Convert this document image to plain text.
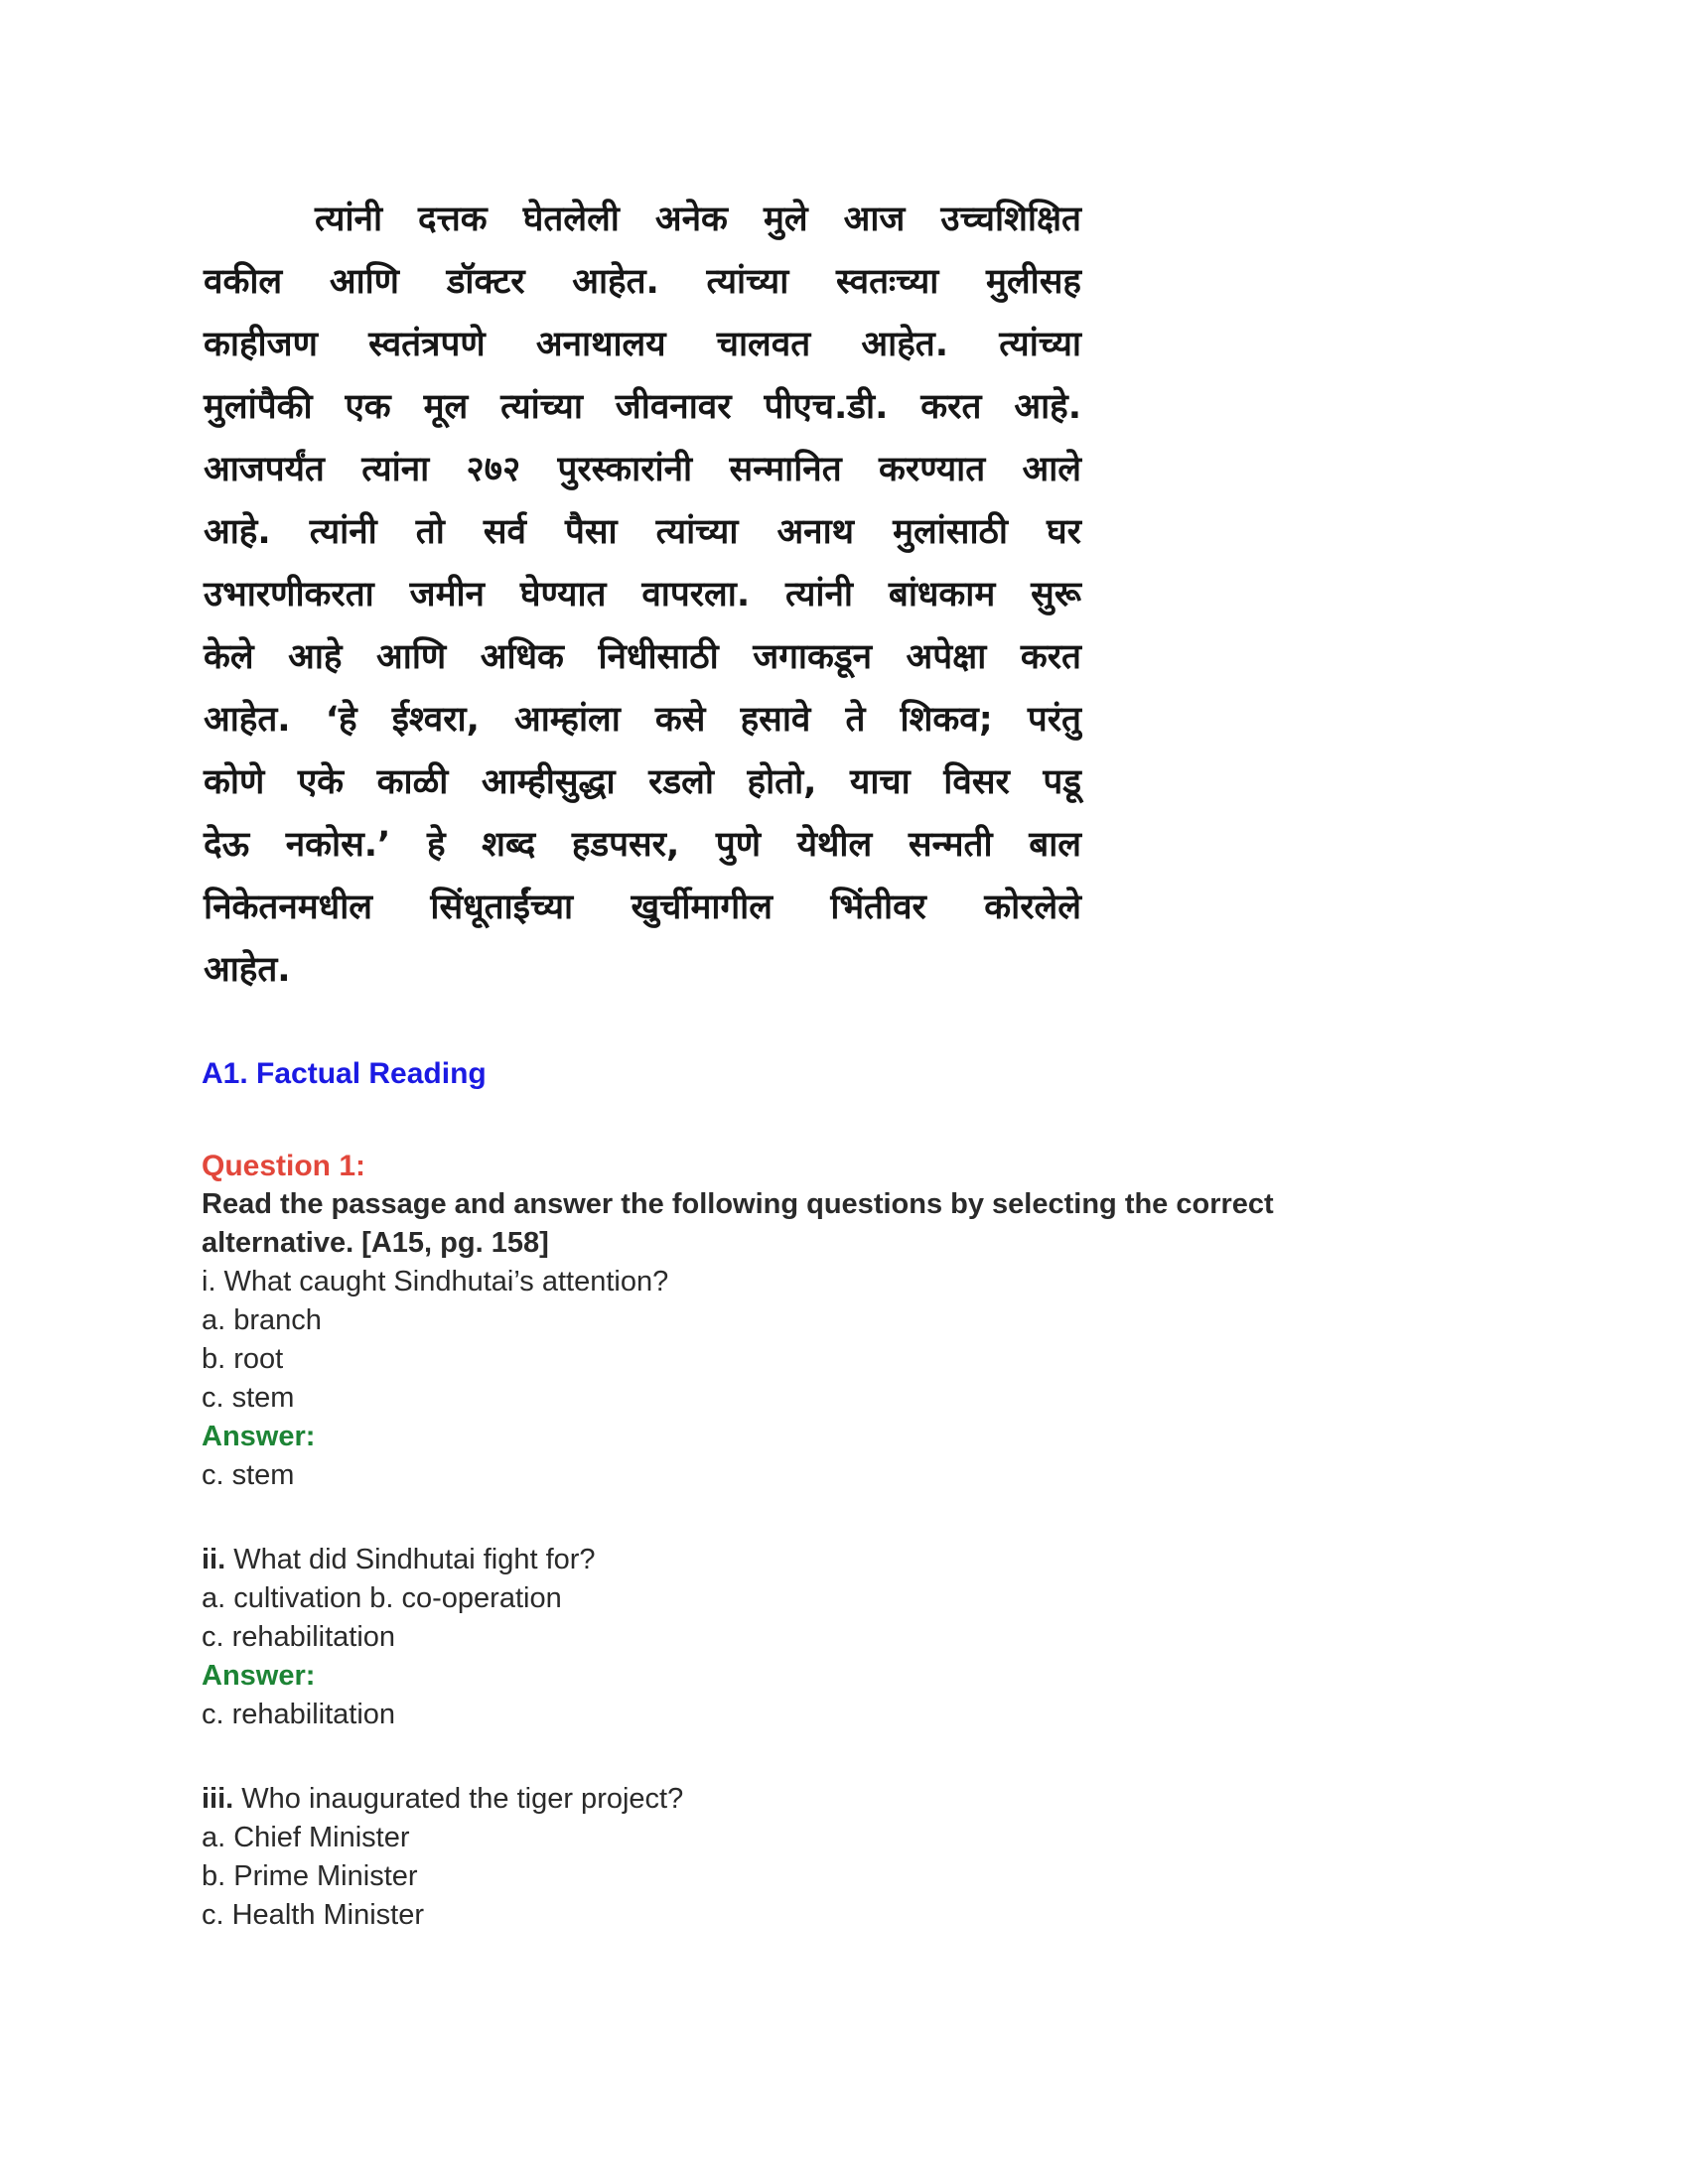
त्यांनी दत्तक घेतलेली अनेक मुले आज उच्चशिक्षित
वकील आणि डॉक्टर आहेत. त्यांच्या स्वतःच्या मुलीसह
काहीजण स्वतंत्रपणे अनाथालय चालवत आहेत. त्यांच्या
मुलांपैकी एक मूल त्यांच्या जीवनावर पीएच.डी. करत आहे.
आजपर्यंत त्यांना २७२ पुरस्कारांनी सन्मानित करण्यात आले
आहे. त्यांनी तो सर्व पैसा त्यांच्या अनाथ मुलांसाठी घर
उभारणीकरता जमीन घेण्यात वापरला. त्यांनी बांधकाम सुरू
केले आहे आणि अधिक निधीसाठी जगाकडून अपेक्षा करत
आहेत. ‘हे ईश्वरा, आम्हांला कसे हसावे ते शिकव; परंतु
कोणे एके काळी आम्हीसुद्धा रडलो होतो, याचा विसर पडू
देऊ नकोस.’ हे शब्द हडपसर, पुणे येथील सन्मती बाल
निकेतनमधील सिंधूताईंच्या खुर्चीमागील भिंतीवर कोरलेले
आहेत.
A1. Factual Reading
Question 1:
Read the passage and answer the following questions by selecting the correct
alternative. [A15, pg. 158]
i. What caught Sindhutai’s attention?
a. branch
b. root
c. stem
Answer:
c. stem
ii. What did Sindhutai fight for?
a. cultivation b. co-operation
c. rehabilitation
Answer:
c. rehabilitation
iii. Who inaugurated the tiger project?
a. Chief Minister
b. Prime Minister
c. Health Minister
